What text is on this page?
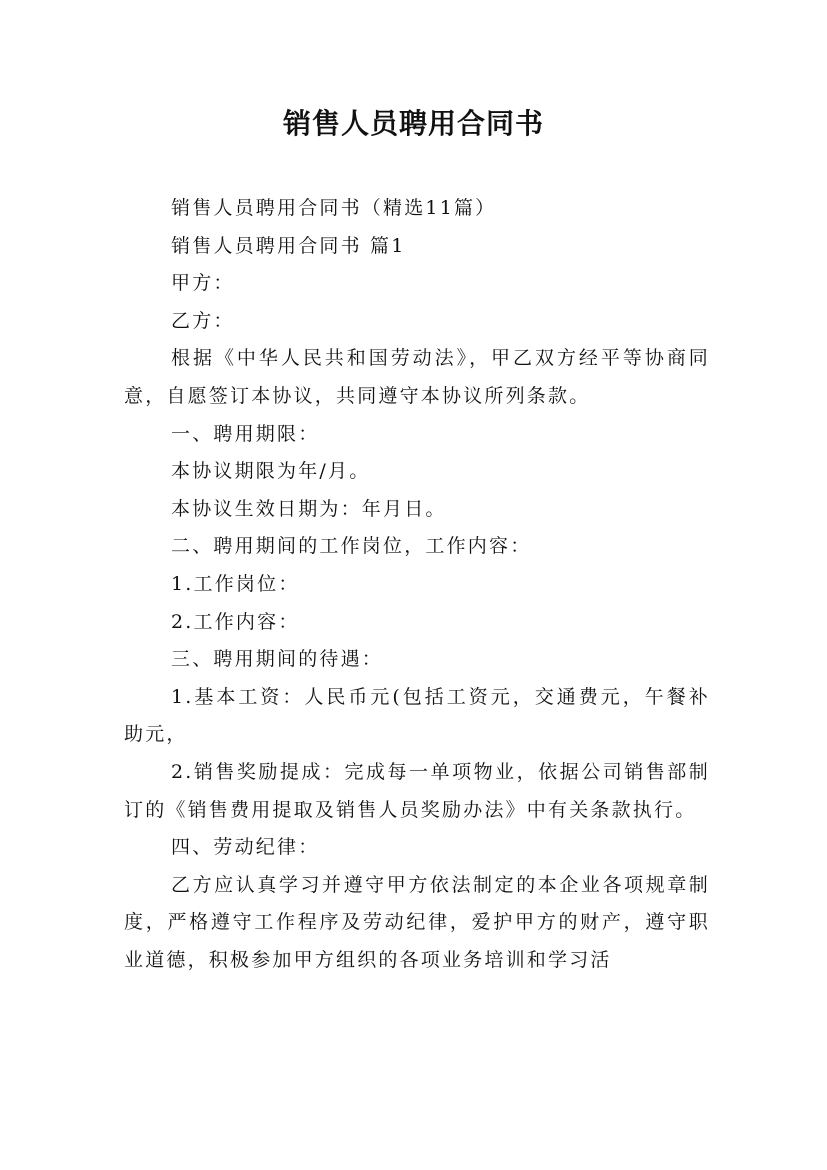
销售人员聘用合同书

销售人员聘用合同书（精选11篇）

销售人员聘用合同书 篇1

甲方：

乙方：

根据《中华人民共和国劳动法》，甲乙双方经平等协商同意，自愿签订本协议，共同遵守本协议所列条款。

一、聘用期限：

本协议期限为年/月。

本协议生效日期为：年月日。

二、聘用期间的工作岗位，工作内容：

1.工作岗位：

2.工作内容：

三、聘用期间的待遇：

1.基本工资：人民币元(包括工资元，交通费元，午餐补助元，

2.销售奖励提成：完成每一单项物业，依据公司销售部制订的《销售费用提取及销售人员奖励办法》中有关条款执行。

四、劳动纪律：

乙方应认真学习并遵守甲方依法制定的本企业各项规章制度，严格遵守工作程序及劳动纪律，爱护甲方的财产，遵守职业道德，积极参加甲方组织的各项业务培训和学习活
